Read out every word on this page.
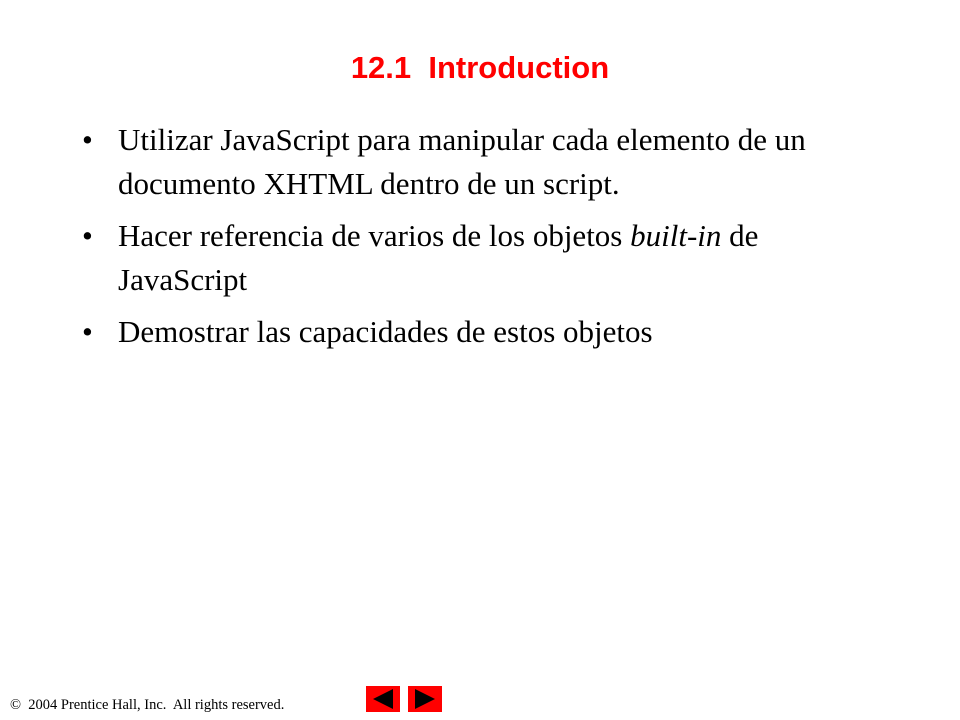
12.1  Introduction
• Utilizar JavaScript para manipular cada elemento de un documento XHTML dentro de un script.
• Hacer referencia de varios de los objetos built-in de JavaScript
• Demostrar las capacidades de estos objetos
©  2004 Prentice Hall, Inc.  All rights reserved.
